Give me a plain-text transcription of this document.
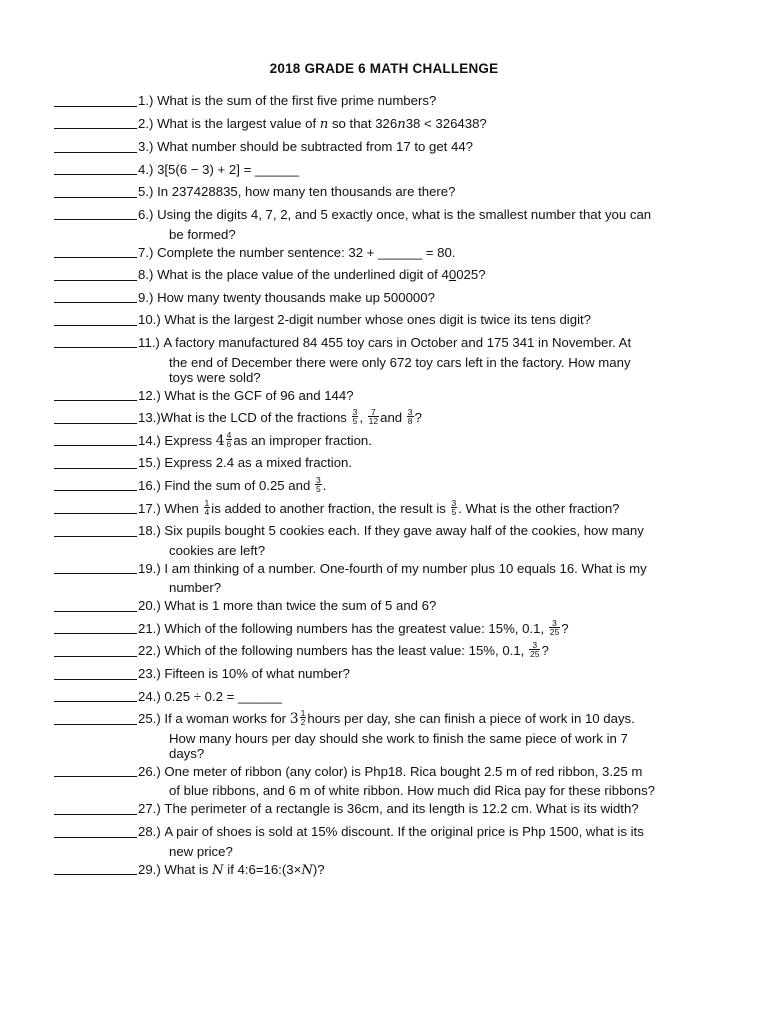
2018 GRADE 6 MATH CHALLENGE
1.)
What is the sum of the first five prime numbers?
2.)
What is the largest value of n so that 326n38 < 326438?
3.)
What number should be subtracted from 17 to get 44?
4.)
3[5(6 − 3) + 2] = ______
5.)
In 237428835, how many ten thousands are there?
6.)
Using the digits 4, 7, 2, and 5 exactly once, what is the smallest number that you can
be formed?
7.)
Complete the number sentence: 32 + ______ = 80.
8.)
What is the place value of the underlined digit of 40025?
9.)
How many twenty thousands make up 500000?
10.)
What is the largest 2-digit number whose ones digit is twice its tens digit?
11.)
A factory manufactured 84 455 toy cars in October and 175 341 in November. At
the end of December there were only 672 toy cars left in the factory. How many
toys were sold?
12.)
What is the GCF of 96 and 144?
13.) What is the LCD of the fractions $\frac{3}{5}$ , $\frac{7}{12}$ and $\frac{3}{8}$ ?
14.)
Express $4 \frac{4}{6}$ as an improper fraction.
15.)
Express 2.4 as a mixed fraction.
16.)
Find the sum of 0.25 and $\frac{3}{5}$ .
17.)
When $\frac{1}{4}$ is added to another fraction, the result is $\frac{3}{5}$ . What is the other fraction?
18.)
Six pupils bought 5 cookies each. If they gave away half of the cookies, how many
cookies are left?
19.)
I am thinking of a number. One-fourth of my number plus 10 equals 16. What is my
number?
20.)
What is 1 more than twice the sum of 5 and 6?
21.)
Which of the following numbers has the greatest value: 15%, 0.1, $\frac{3}{25}$ ?
22.)
Which of the following numbers has the least value: 15%, 0.1, $\frac{3}{25}$ ?
23.)
Fifteen is 10% of what number?
24.)
0.25 ÷ 0.2 = ______
25.)
If a woman works for $3 \frac{1}{2}$ hours per day, she can finish a piece of work in 10 days.
How many hours per day should she work to finish the same piece of work in 7
days?
26.)
One meter of ribbon (any color) is Php18. Rica bought 2.5 m of red ribbon, 3.25 m
of blue ribbons, and 6 m of white ribbon. How much did Rica pay for these ribbons?
27.)
The perimeter of a rectangle is 36cm, and its length is 12.2 cm. What is its width?
28.)
A pair of shoes is sold at 15% discount. If the original price is Php 1500, what is its
new price?
29.)
What is N if 4:6=16:(3×N)?
